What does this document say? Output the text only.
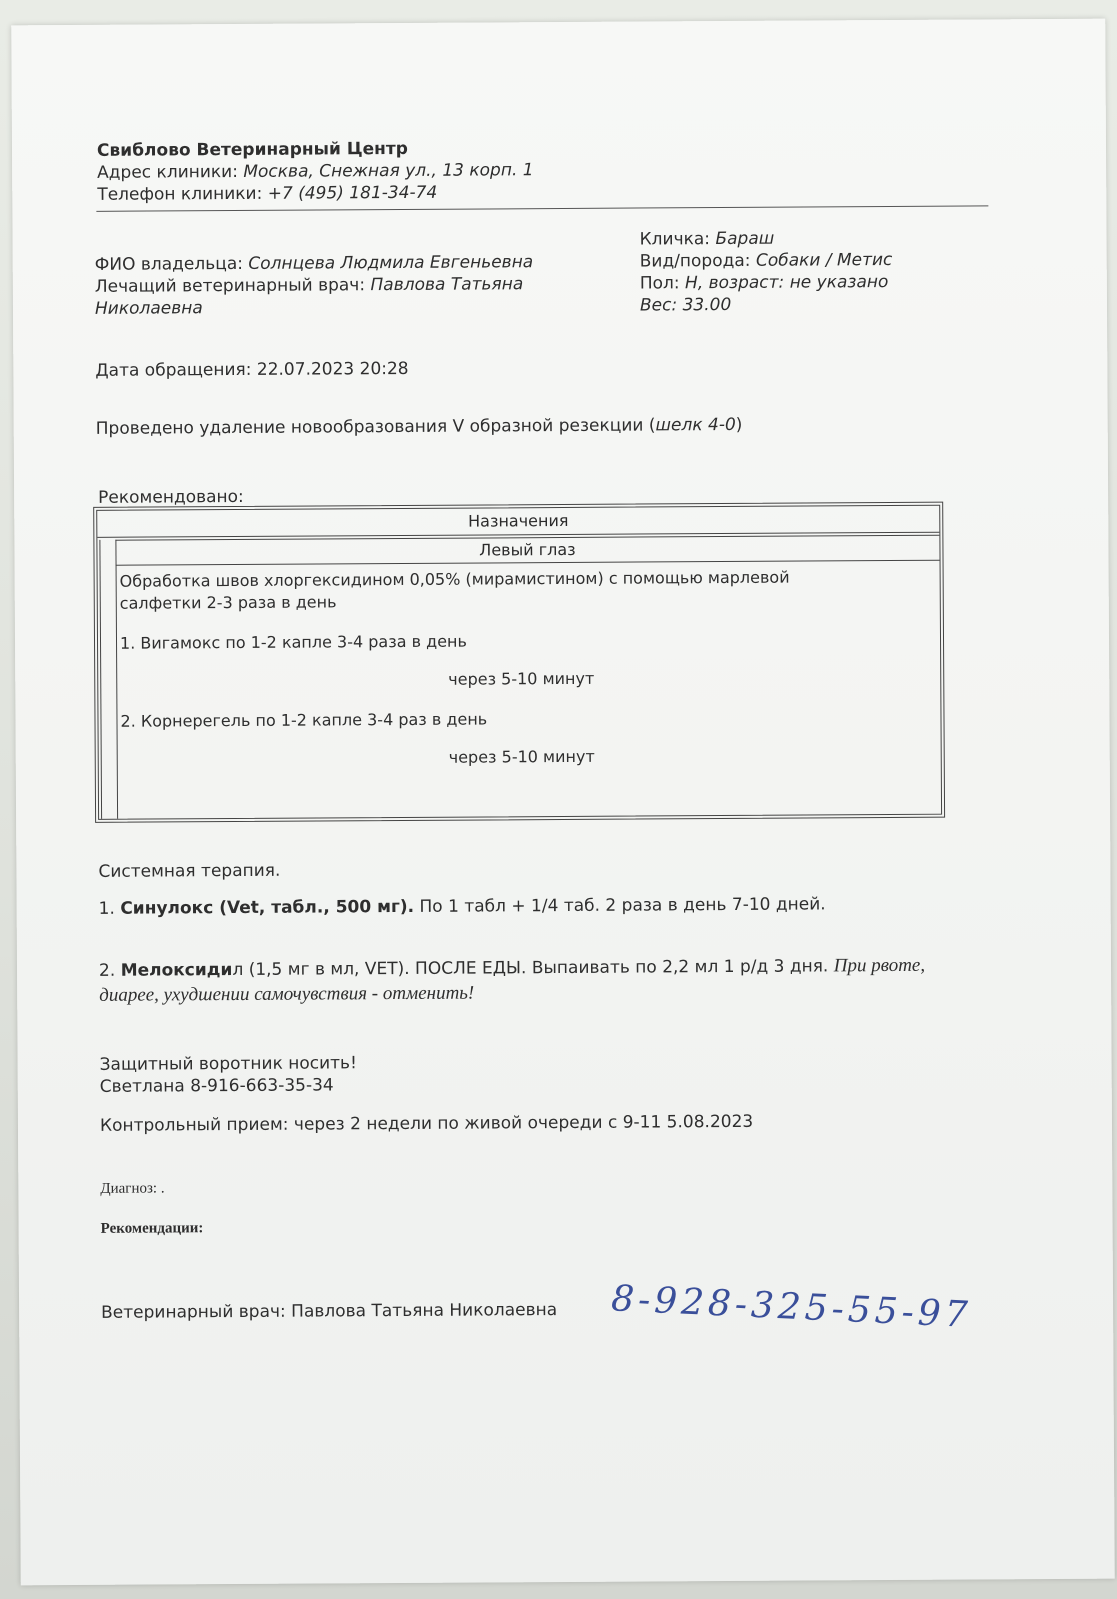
Свиблово Ветеринарный Центр
Адрес клиники: Москва, Снежная ул., 13 корп. 1
Телефон клиники: +7 (495) 181-34-74
ФИО владельца: Солнцева Людмила Евгеньевна
Лечащий ветеринарный врач: Павлова Татьяна
Николаевна
Кличка: Бараш
Вид/порода: Собаки / Метис
Пол: Н, возраст: не указано
Вес: 33.00
Дата обращения: 22.07.2023 20:28
Проведено удаление новообразования V образной резекции (шелк 4-0)
Рекомендовано:
Назначения
Левый глаз
Обработка швов хлоргексидином 0,05% (мирамистином) с помощью марлевой
салфетки 2-3 раза в день
1. Вигамокс по 1-2 капле 3-4 раза в день
через 5-10 минут
2. Корнерегель по 1-2 капле 3-4 раз в день
через 5-10 минут
Системная терапия.
1. Синулокс (Vet, табл., 500 мг). По 1 табл + 1/4 таб. 2 раза в день 7-10 дней.
2. Мелоксидил (1,5 мг в мл, VET). ПОСЛЕ ЕДЫ. Выпаивать по 2,2 мл 1 р/д 3 дня. При рвоте,
диарее, ухудшении самочувствия - отменить!
Защитный воротник носить!
Светлана 8-916-663-35-34
Контрольный прием: через 2 недели по живой очереди с 9-11 5.08.2023
Диагноз: .
Рекомендации:
Ветеринарный врач: Павлова Татьяна Николаевна 8-928-325-55-97
